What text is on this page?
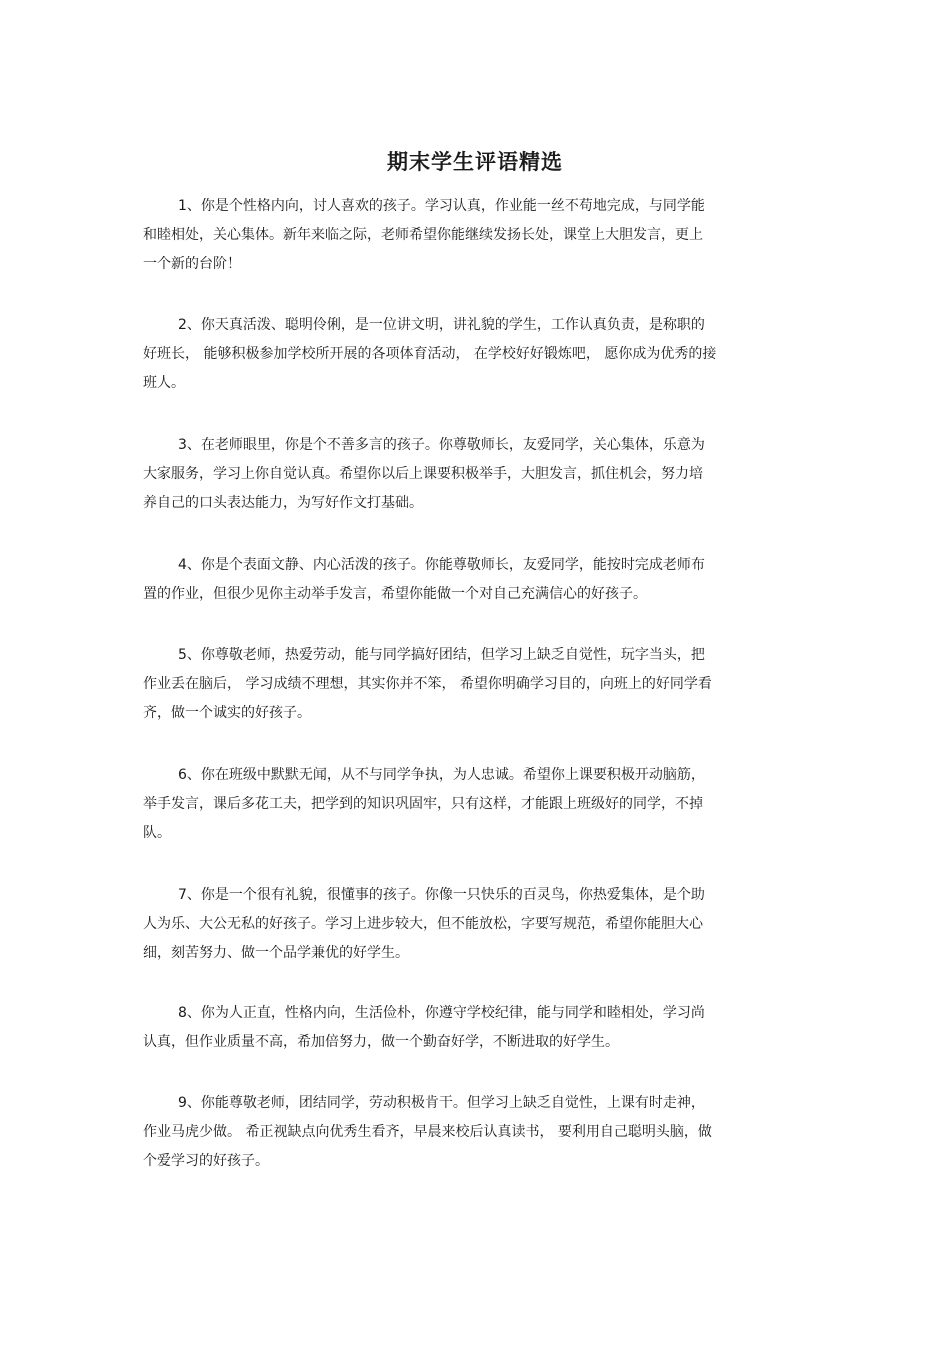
期末学生评语精选
1、你是个性格内向，讨人喜欢的孩子。学习认真，作业能一丝不苟地完成，与同学能
和睦相处，关心集体。新年来临之际，老师希望你能继续发扬长处，课堂上大胆发言，更上
一个新的台阶！
2、你天真活泼、聪明伶俐，是一位讲文明，讲礼貌的学生，工作认真负责，是称职的
好班长， 能够积极参加学校所开展的各项体育活动， 在学校好好锻炼吧， 愿你成为优秀的接
班人。
3、在老师眼里，你是个不善多言的孩子。你尊敬师长，友爱同学，关心集体，乐意为
大家服务，学习上你自觉认真。希望你以后上课要积极举手，大胆发言，抓住机会，努力培
养自己的口头表达能力，为写好作文打基础。
4、你是个表面文静、内心活泼的孩子。你能尊敬师长，友爱同学，能按时完成老师布
置的作业，但很少见你主动举手发言，希望你能做一个对自己充满信心的好孩子。
5、你尊敬老师，热爱劳动，能与同学搞好团结，但学习上缺乏自觉性，玩字当头，把
作业丢在脑后， 学习成绩不理想，其实你并不笨， 希望你明确学习目的，向班上的好同学看
齐，做一个诚实的好孩子。
6、你在班级中默默无闻，从不与同学争执，为人忠诚。希望你上课要积极开动脑筋，
举手发言，课后多花工夫，把学到的知识巩固牢，只有这样，才能跟上班级好的同学，不掉
队。
7、你是一个很有礼貌，很懂事的孩子。你像一只快乐的百灵鸟，你热爱集体，是个助
人为乐、大公无私的好孩子。学习上进步较大，但不能放松，字要写规范，希望你能胆大心
细，刻苦努力、做一个品学兼优的好学生。
8、你为人正直，性格内向，生活俭朴，你遵守学校纪律，能与同学和睦相处，学习尚
认真，但作业质量不高，希加倍努力，做一个勤奋好学，不断进取的好学生。
9、你能尊敬老师，团结同学，劳动积极肯干。但学习上缺乏自觉性，上课有时走神，
作业马虎少做。 希正视缺点向优秀生看齐，早晨来校后认真读书， 要利用自己聪明头脑，做
个爱学习的好孩子。
